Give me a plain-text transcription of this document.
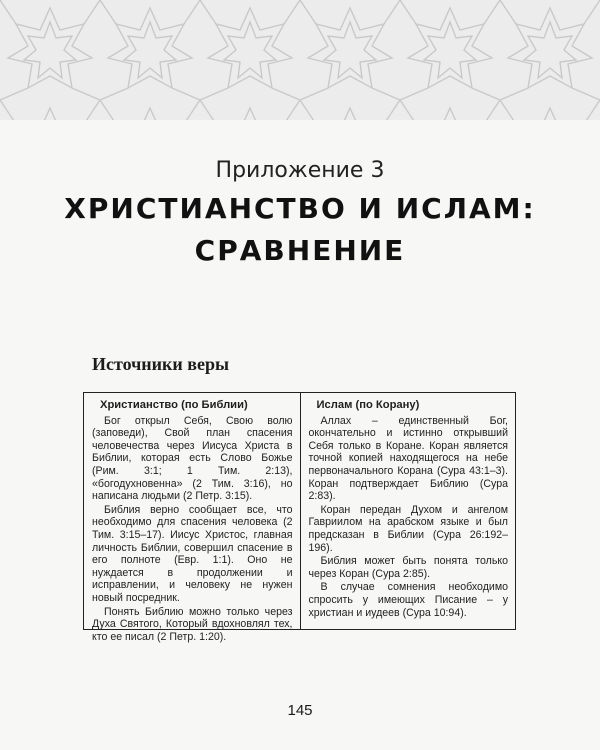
Приложение 3
ХРИСТИАНСТВО И ИСЛАМ:
СРАВНЕНИЕ
Источники веры
Христианство (по Библии)

Бог открыл Себя, Свою волю (заповеди), Свой план спасения человечества через Иисуса Христа в Библии, которая есть Слово Божье (Рим. 3:1; 1 Тим. 2:13), «богодухновенна» (2 Тим. 3:16), но написана людьми (2 Петр. 3:15).

Библия верно сообщает все, что необходимо для спасения человека (2 Тим. 3:15–17). Иисус Христос, главная личность Библии, совершил спасение в его полноте (Евр. 1:1). Оно не нуждается в продолжении и исправлении, и человеку не нужен новый посредник.

Понять Библию можно только через Духа Святого, Который вдохновлял тех, кто ее писал (2 Петр. 1:20).

Ислам (по Корану)

Аллах – единственный Бог, окончательно и истинно открывший Себя только в Коране. Коран является точной копией находящегося на небе первоначального Корана (Сура 43:1–3). Коран подтверждает Библию (Сура 2:83).

Коран передан Духом и ангелом Гавриилом на арабском языке и был предсказан в Библии (Сура 26:192–196).

Библия может быть понята только через Коран (Сура 2:85).

В случае сомнения необходимо спросить у имеющих Писание – у христиан и иудеев (Сура 10:94).

145
